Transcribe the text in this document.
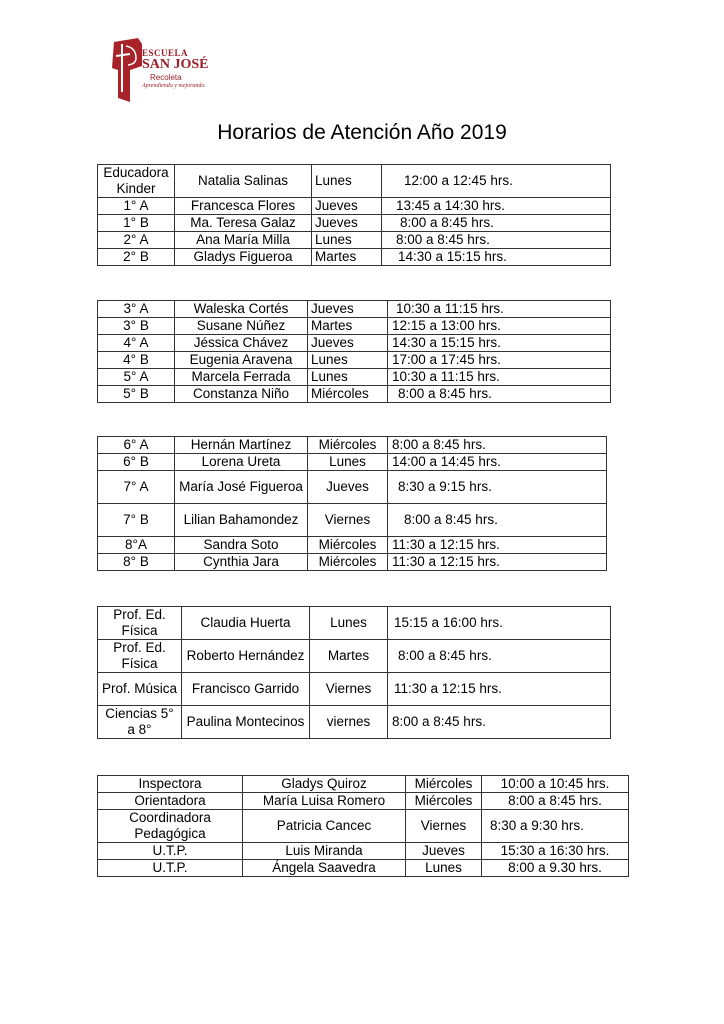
ESCUELA
SAN JOSÉ
Recoleta
Aprendiendo y mejorando.
Horarios de Atención Año 2019
Educadora Kinder	Natalia Salinas	Lunes	12:00 a 12:45 hrs.
1° A	Francesca Flores	Jueves	13:45 a 14:30 hrs.
1° B	Ma. Teresa Galaz	Jueves	8:00 a 8:45 hrs.
2° A	Ana María Milla	Lunes	8:00 a 8:45 hrs.
2° B	Gladys Figueroa	Martes	14:30 a 15:15 hrs.
3° A	Waleska Cortés	Jueves	10:30 a 11:15 hrs.
3° B	Susane Núñez	Martes	12:15 a 13:00 hrs.
4° A	Jéssica Chávez	Jueves	14:30 a 15:15 hrs.
4° B	Eugenia Aravena	Lunes	17:00 a 17:45 hrs.
5° A	Marcela Ferrada	Lunes	10:30 a 11:15 hrs.
5° B	Constanza Niño	Miércoles	8:00 a 8:45 hrs.
6° A	Hernán Martínez	Miércoles	8:00 a 8:45 hrs.
6° B	Lorena Ureta	Lunes	14:00 a 14:45 hrs.
7° A	María José Figueroa	Jueves	8:30 a 9:15 hrs.
7° B	Lilian Bahamondez	Viernes	8:00 a 8:45 hrs.
8°A	Sandra Soto	Miércoles	11:30 a 12:15 hrs.
8° B	Cynthia Jara	Miércoles	11:30 a 12:15 hrs.
Prof. Ed. Física	Claudia Huerta	Lunes	15:15 a 16:00 hrs.
Prof. Ed. Física	Roberto Hernández	Martes	8:00 a 8:45 hrs.
Prof. Música	Francisco Garrido	Viernes	11:30 a 12:15 hrs.
Ciencias 5° a 8°	Paulina Montecinos	viernes	8:00 a 8:45 hrs.
Inspectora	Gladys Quiroz	Miércoles	10:00 a 10:45 hrs.
Orientadora	María Luisa Romero	Miércoles	8:00 a 8:45 hrs.
Coordinadora Pedagógica	Patricia Cancec	Viernes	8:30 a 9:30 hrs.
U.T.P.	Luis Miranda	Jueves	15:30 a 16:30 hrs.
U.T.P.	Ángela Saavedra	Lunes	8:00 a 9.30 hrs.
